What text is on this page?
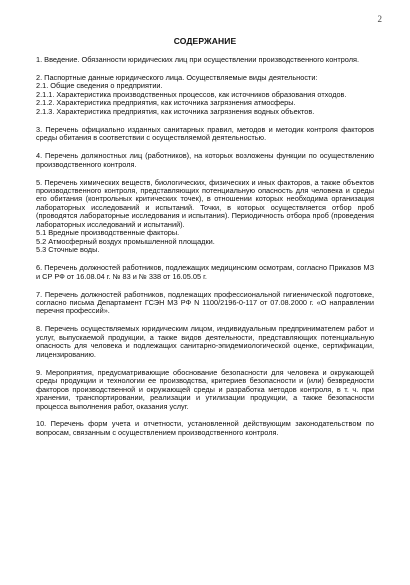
2
СОДЕРЖАНИЕ

1. Введение. Обязанности юридических лиц при осуществлении производственного контроля.

2. Паспортные данные юридического лица. Осуществляемые виды деятельности:

2.1. Общие сведения о предприятии.

2.1.1. Характеристика производственных процессов, как источников образования отходов.

2.1.2. Характеристика предприятия, как источника загрязнения атмосферы.

2.1.3. Характеристика предприятия, как источника загрязнения водных объектов.

3. Перечень официально изданных санитарных правил, методов и методик контроля факторов среды обитания в соответствии с осуществляемой деятельностью.

4. Перечень должностных лиц (работников), на которых возложены функции по осуществлению производственного контроля.

5. Перечень химических веществ, биологических, физических и иных факторов, а также объектов производственного контроля, представляющих потенциальную опасность для человека и среды его обитания (контрольных критических точек), в отношении которых необходима организация лабораторных исследований и испытаний. Точки, в которых осуществляется отбор проб (проводятся лабораторные исследования и испытания). Периодичность отбора проб (проведения лабораторных исследований и испытаний).

5.1 Вредные производственные факторы.

5.2 Атмосферный воздух промышленной площадки.

5.3 Сточные воды.

6. Перечень должностей работников, подлежащих медицинским осмотрам, согласно Приказов МЗ и СР РФ от 16.08.04 г. № 83 и № 338 от 16.05.05 г.

7. Перечень должностей работников, подлежащих профессиональной гигиенической подготовке, согласно письма Департамент ГСЭН МЗ РФ N 1100/2196-0-117 от 07.08.2000 г. «О направлении перечня профессий».

8. Перечень осуществляемых юридическим лицом, индивидуальным предпринимателем работ и услуг, выпускаемой продукции, а также видов деятельности, представляющих потенциальную опасность для человека и подлежащих санитарно-эпидемиологической оценке, сертификации, лицензированию.

9. Мероприятия, предусматривающие обоснование безопасности для человека и окружающей среды продукции и технологии ее производства, критериев безопасности и (или) безвредности факторов производственной и окружающей среды и разработка методов контроля, в т. ч. при хранении, транспортировании, реализации и утилизации продукции, а также безопасности процесса выполнения работ, оказания услуг.

10. Перечень форм учета и отчетности, установленной действующим законодательством по вопросам, связанным с осуществлением производственного контроля.
